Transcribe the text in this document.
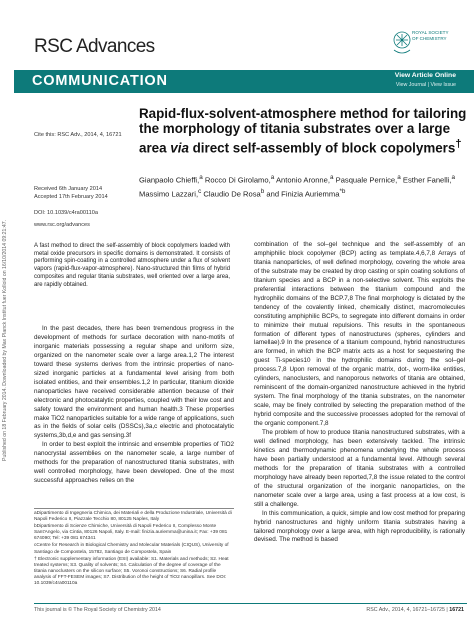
Published on 18 February 2014. Downloaded by Max Planck Institut fuer Kolloid on 16/10/2014 09:21:47.
RSC Advances
ROYAL SOCIETY
OF CHEMISTRY
COMMUNICATION	View Article Online
View Journal | View Issue
Rapid-flux-solvent-atmosphere method for tailoring the morphology of titania substrates over a large area via direct self-assembly of block copolymers†
Gianpaolo Chieffi,$^a$ Rocco Di Girolamo,$^a$ Antonio Aronne,$^a$ Pasquale Pernice,$^a$ Esther Fanelli,$^a$ Massimo Lazzari,$^c$ Claudio De Rosa$^b$ and Finizia Auriemma$^{*b}$
Cite this: RSC Adv., 2014, 4, 16721
Received 6th January 2014
Accepted 17th February 2014
DOI: 10.1039/c4ra00110a
www.rsc.org/advances
A fast method to direct the self-assembly of block copolymers loaded with metal oxide precursors in specific domains is demonstrated. It consists of performing spin-coating in a controlled atmosphere under a flux of solvent vapors (rapid-flux-vapor-atmosphere). Nano-structured thin films of hybrid composites and regular titania substrates, well oriented over a large area, are rapidly obtained.

In the past decades, there has been tremendous progress in the development of methods for surface decoration with nano-motifs of inorganic materials possessing a regular shape and uniform size, organized on the nanometer scale over a large area.1,2 The interest toward these systems derives from the intrinsic properties of nano-sized inorganic particles at a fundamental level arising from both isolated entities, and their ensembles.1,2 In particular, titanium dioxide nanoparticles have received considerable attention because of their electronic and photocatalytic properties, coupled with their low cost and safety toward the environment and human health.3 These properties make TiO2 nanoparticles suitable for a wide range of applications, such as in the fields of solar cells (DSSCs),3a,c electric and photocatalytic systems,3b,d,e and gas sensing.3f

In order to best exploit the intrinsic and ensemble properties of TiO2 nanocrystal assemblies on the nanometer scale, a large number of methods for the preparation of nanostructured titania substrates, with well controlled morphology, have been developed. One of the most successful approaches relies on the

aDipartimento di Ingegneria Chimica, dei Materiali e della Produzione Industriale, Università di Napoli Federico II, Piazzale Tecchio 80, 80125 Naples, Italy

bDipartimento di Scienze Chimiche, Università di Napoli Federico II, Complesso Monte Sant'Angelo, via Cintia, 80126 Napoli, Italy. E-mail: finizia.auriemma@unina.it; Fax: +39 081 674090; Tel: +39 081 674341

cCentre for Research in Biological Chemistry and Molecular Materials (CIQUS), University of Santiago de Compostela, 15782, Santiago de Compostela, Spain

† Electronic supplementary information (ESI) available: S1. Materials and methods; S2. Heat treated systems; S3. Quality of solvents; S4. Calculation of the degree of coverage of the titania nanoclusters on the silicon surface; S5. Voronoi constructions; S6. Radial profile analysis of FFT-FESEM images; S7. Distribution of the height of TiO2 nanopillars. See DOI: 10.1039/c4ra00110a

combination of the sol–gel technique and the self-assembly of an amphiphilic block copolymer (BCP) acting as template.4,6,7,8 Arrays of titania nanoparticles, of well defined morphology, covering the whole area of the substrate may be created by drop casting or spin coating solutions of titanium species and a BCP in a non-selective solvent. This exploits the preferential interactions between the titanium compound and the hydrophilic domains of the BCP.7,8 The final morphology is dictated by the tendency of the covalently linked, chemically distinct, macromolecules constituting amphiphilic BCPs, to segregate into different domains in order to minimize their mutual repulsions. This results in the spontaneous formation of different types of nanostructures (spheres, cylinders and lamellae).9 In the presence of a titanium compound, hybrid nanostructures are formed, in which the BCP matrix acts as a host for sequestering the guest Ti-species10 in the hydrophilic domains during the sol–gel process.7,8 Upon removal of the organic matrix, dot-, worm-like entities, cylinders, nanoclusters, and nanoporous networks of titania are obtained, reminiscent of the domain-organized nanostructure achieved in the hybrid system. The final morphology of the titania substrates, on the nanometer scale, may be finely controlled by selecting the preparation method of the hybrid composite and the successive processes adopted for the removal of the organic component.7,8

The problem of how to produce titania nanostructured substrates, with a well defined morphology, has been extensively tackled. The intrinsic kinetics and thermodynamic phenomena underlying the whole process have been partially understood at a fundamental level. Although several methods for the preparation of titania substrates with a controlled morphology have already been reported,7,8 the issue related to the control of the structural organization of the inorganic nanoparticles, on the nanometer scale over a large area, using a fast process at a low cost, is still a challenge.

In this communication, a quick, simple and low cost method for preparing hybrid nanostructures and highly uniform titania substrates having a tailored morphology over a large area, with high reproducibility, is rationally devised. The method is based

This journal is © The Royal Society of Chemistry 2014	RSC Adv., 2014, 4, 16721–16725 | 16721
